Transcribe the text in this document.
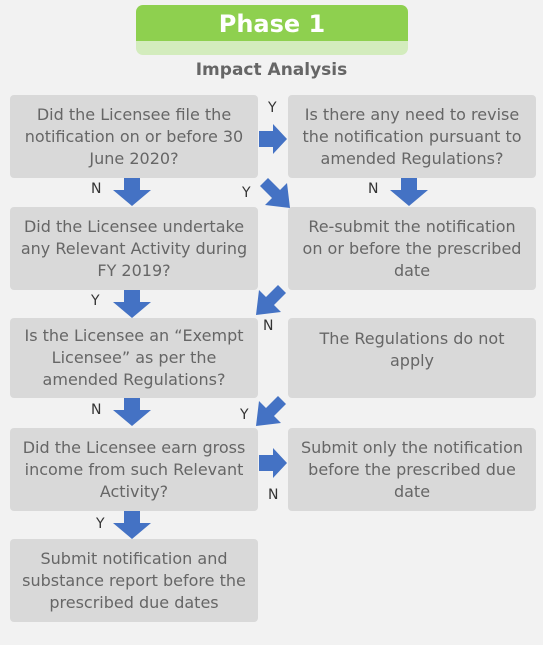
Phase 1
Impact Analysis
Did the Licensee file the notification on or before 30 June 2020?
Did the Licensee undertake any Relevant Activity during FY 2019?
Is the Licensee an “Exempt Licensee” as per the amended Regulations?
Did the Licensee earn gross income from such Relevant Activity?
Submit notification and substance report before the prescribed due dates
Is there any need to revise the notification pursuant to amended Regulations?
Re-submit the notification on or before the prescribed date
The Regulations do not apply
Submit only the notification before the prescribed due date
Y
N	N
Y
Y
N
N	Y
N
Y
